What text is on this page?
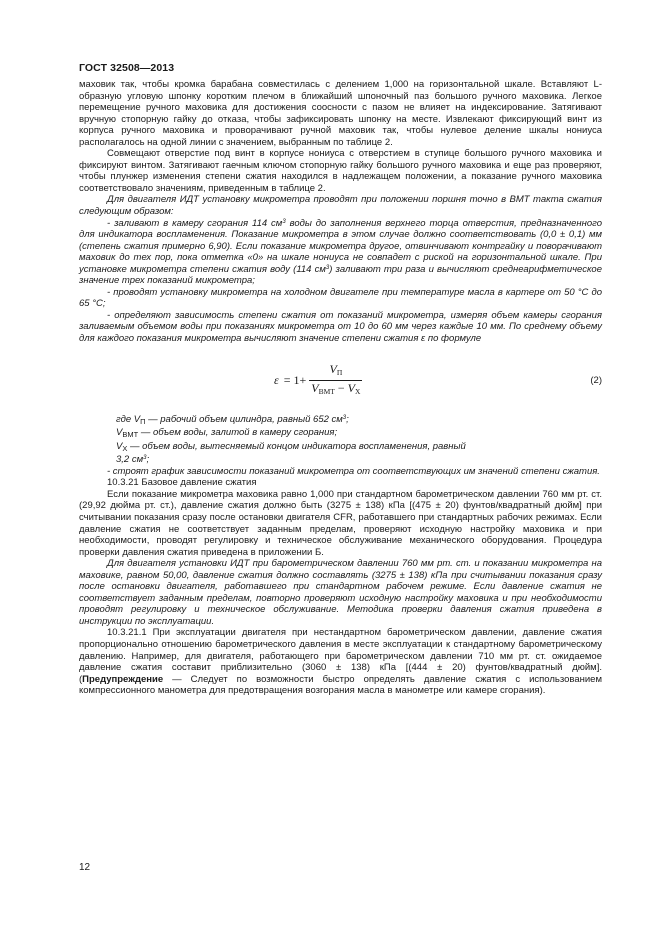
ГОСТ 32508—2013

маховик так, чтобы кромка барабана совместилась с делением 1,000 на горизонтальной шкале. Вставляют L-образную угловую шпонку коротким плечом в ближайший шпоночный паз большого ручного маховика. Легкое перемещение ручного маховика для достижения соосности с пазом не влияет на индексирование. Затягивают вручную стопорную гайку до отказа, чтобы зафиксировать шпонку на месте. Извлекают фиксирующий винт из корпуса ручного маховика и проворачивают ручной маховик так, чтобы нулевое деление шкалы нониуса располагалось на одной линии с значением, выбранным по таблице 2.

Совмещают отверстие под винт в корпусе нониуса с отверстием в ступице большого ручного маховика и фиксируют винтом. Затягивают гаечным ключом стопорную гайку большого ручного маховика и еще раз проверяют, чтобы плунжер изменения степени сжатия находился в надлежащем положении, а показание ручного маховика соответствовало значениям, приведенным в таблице 2.

Для двигателя ИДТ установку микрометра проводят при положении поршня точно в ВМТ такта сжатия следующим образом:

- заливают в камеру сгорания 114 $см^3$ воды до заполнения верхнего торца отверстия, предназначенного для индикатора воспламенения. Показание микрометра в этом случае должно соответствовать (0,0 ± 0,1) мм (степень сжатия примерно 6,90). Если показание микрометра другое, отвинчивают контргайку и поворачивают маховик до тех пор, пока отметка «0» на шкале нониуса не совпадет с риской на горизонтальной шкале. При установке микрометра степени сжатия воду (114 $см^3$) заливают три раза и вычисляют среднеарифметическое значение трех показаний микрометра;

- проводят установку микрометра на холодном двигателе при температуре масла в картере от 50 °С до 65 °С;

- определяют зависимость степени сжатия от показаний микрометра, измеряя объем камеры сгорания заливаемым объемом воды при показаниях микрометра от 10 до 60 мм через каждые 10 мм. По среднему объему для каждого показания микрометра вычисляют значение степени сжатия ε по формуле

$\varepsilon = 1+ \frac{V_П}{V_{ВМТ} - V_Х}$	(2)
где $V_П$ — рабочий объем цилиндра, равный 652 $см^3$;
$V_{ВМТ}$ — объем воды, залитой в камеру сгорания;
$V_Х$ — объем воды, вытесняемый концом индикатора воспламенения, равный
3,2 $см^3$;

- строят график зависимости показаний микрометра от соответствующих им значений степени сжатия.

10.3.21 Базовое давление сжатия

Если показание микрометра маховика равно 1,000 при стандартном барометрическом давлении 760 мм рт. ст. (29,92 дюйма рт. ст.), давление сжатия должно быть (3275 ± 138) кПа [(475 ± 20) фунтов/квадратный дюйм] при считывании показания сразу после остановки двигателя CFR, работавшего при стандартных рабочих режимах. Если давление сжатия не соответствует заданным пределам, проверяют исходную настройку маховика и при необходимости, проводят регулировку и техническое обслуживание механического оборудования. Процедура проверки давления сжатия приведена в приложении Б.

Для двигателя установки ИДТ при барометрическом давлении 760 мм рт. ст. и показании микрометра на маховике, равном 50,00, давление сжатия должно составлять (3275 ± 138) кПа при считывании показания сразу после остановки двигателя, работавшего при стандартном рабочем режиме. Если давление сжатия не соответствует заданным пределам, повторно проверяют исходную настройку маховика и при необходимости проводят регулировку и техническое обслуживание. Методика проверки давления сжатия приведена в инструкции по эксплуатации.

10.3.21.1 При эксплуатации двигателя при нестандартном барометрическом давлении, давление сжатия пропорционально отношению барометрического давления в месте эксплуатации к стандартному барометрическому давлению. Например, для двигателя, работающего при барометрическом давлении 710 мм рт. ст. ожидаемое давление сжатия составит приблизительно (3060 ± 138) кПа [(444 ± 20) фунтов/квадратный дюйм]. (Предупреждение — Следует по возможности быстро определять давление сжатия с использованием компрессионного манометра для предотвращения возгорания масла в манометре или камере сгорания).

12
